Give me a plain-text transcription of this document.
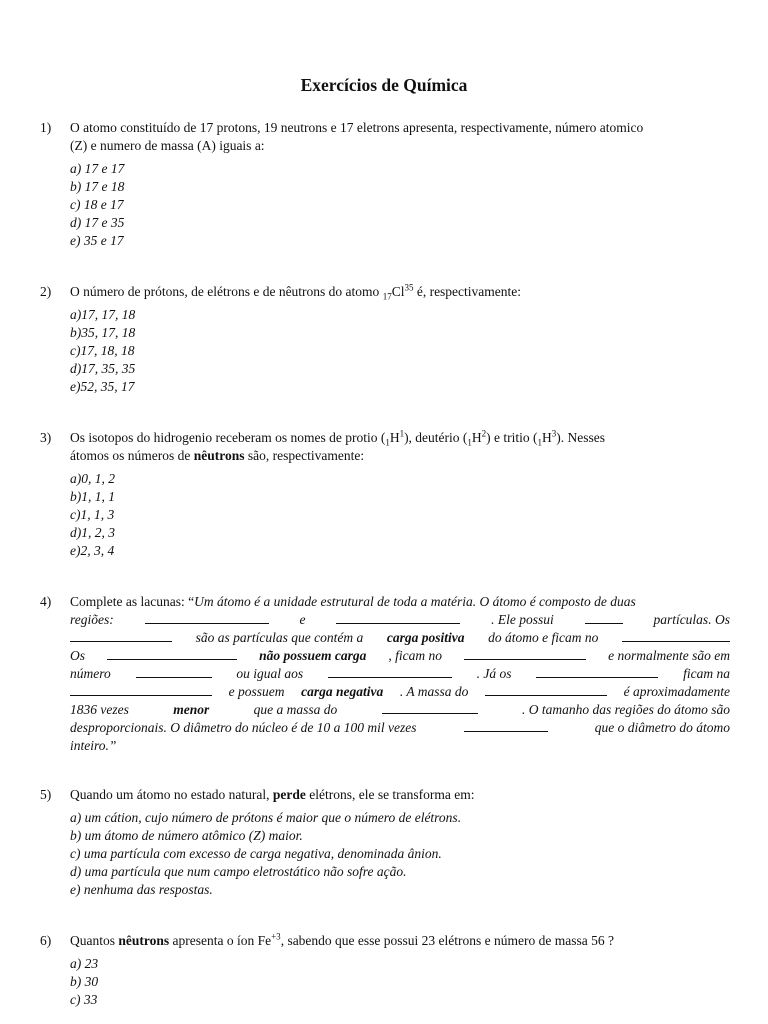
Exercícios de Química
1) O atomo constituído de 17 protons, 19 neutrons e 17 eletrons apresenta, respectivamente, número atomico
(Z) e numero de massa (A) iguais a:
a) 17 e 17
b) 17 e 18
c) 18 e 17
d) 17 e 35
e) 35 e 17
2) O número de prótons, de elétrons e de nêutrons do atomo $_{17}Cl^{35}$ é, respectivamente:
a)17, 17, 18
b)35, 17, 18
c)17, 18, 18
d)17, 35, 35
e)52, 35, 17
3) Os isotopos do hidrogenio receberam os nomes de protio $(_1H^1)$, deutério $(_1H^2)$ e tritio $(_1H^3)$. Nesses
átomos os números de nêutrons são, respectivamente:
a)0, 1, 2
b)1, 1, 1
c)1, 1, 3
d)1, 2, 3
e)2, 3, 4
4) Complete as lacunas: “Um átomo é a unidade estrutural de toda a matéria. O átomo é composto de duas
regiões:	e	. Ele possui	partículas. Os
são as partículas que contém a carga positiva do átomo e ficam no
Os	não possuem carga , ficam no	e normalmente são em
número	ou igual aos	. Já os	ficam na
e possuem carga negativa . A massa do	é aproximadamente
1836 vezes	menor	que a massa do	. O tamanho das regiões do átomo são
desproporcionais. O diâmetro do núcleo é de 10 a 100 mil vezes	que o diâmetro do átomo
inteiro.”
5) Quando um átomo no estado natural, perde elétrons, ele se transforma em:
a) um cátion, cujo número de prótons é maior que o número de elétrons.
b) um átomo de número atômico (Z) maior.
c) uma partícula com excesso de carga negativa, denominada ânion.
d) uma partícula que num campo eletrostático não sofre ação.
e) nenhuma das respostas.
6) Quantos nêutrons apresenta o íon $Fe^{+3}$, sabendo que esse possui 23 elétrons e número de massa 56 ?
a) 23
b) 30
c) 33
